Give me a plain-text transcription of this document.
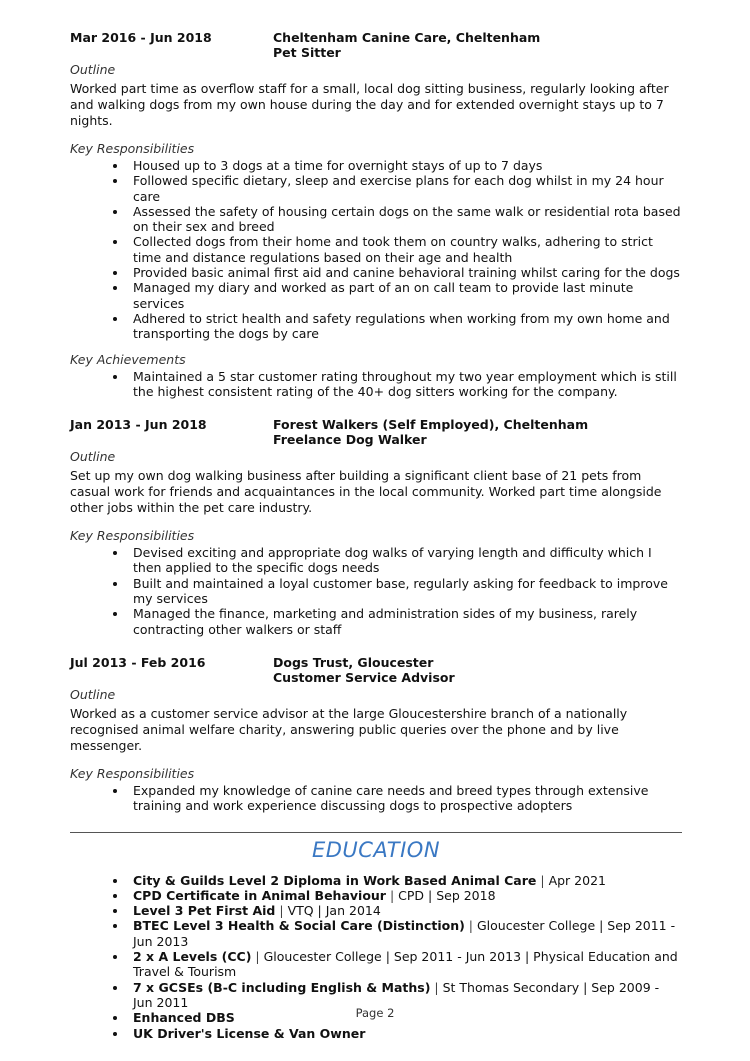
Mar 2016 - Jun 2018	Cheltenham Canine Care, Cheltenham
Pet Sitter
Outline
Worked part time as overflow staff for a small, local dog sitting business, regularly looking after and walking dogs from my own house during the day and for extended overnight stays up to 7 nights.
Key Responsibilities
Housed up to 3 dogs at a time for overnight stays of up to 7 days
Followed specific dietary, sleep and exercise plans for each dog whilst in my 24 hour care
Assessed the safety of housing certain dogs on the same walk or residential rota based on their sex and breed
Collected dogs from their home and took them on country walks, adhering to strict time and distance regulations based on their age and health
Provided basic animal first aid and canine behavioral training whilst caring for the dogs
Managed my diary and worked as part of an on call team to provide last minute services
Adhered to strict health and safety regulations when working from my own home and transporting the dogs by care
Key Achievements
Maintained a 5 star customer rating throughout my two year employment which is still the highest consistent rating of the 40+ dog sitters working for the company.
Jan 2013 - Jun 2018	Forest Walkers (Self Employed), Cheltenham
Freelance Dog Walker
Outline
Set up my own dog walking business after building a significant client base of 21 pets from casual work for friends and acquaintances in the local community. Worked part time alongside other jobs within the pet care industry.
Key Responsibilities
Devised exciting and appropriate dog walks of varying length and difficulty which I then applied to the specific dogs needs
Built and maintained a loyal customer base, regularly asking for feedback to improve my services
Managed the finance, marketing and administration sides of my business, rarely contracting other walkers or staff
Jul 2013 - Feb 2016	Dogs Trust, Gloucester
Customer Service Advisor
Outline
Worked as a customer service advisor at the large Gloucestershire branch of a nationally recognised animal welfare charity, answering public queries over the phone and by live messenger.
Key Responsibilities
Expanded my knowledge of canine care needs and breed types through extensive training and work experience discussing dogs to prospective adopters
EDUCATION
City & Guilds Level 2 Diploma in Work Based Animal Care | Apr 2021
CPD Certificate in Animal Behaviour | CPD | Sep 2018
Level 3 Pet First Aid | VTQ | Jan 2014
BTEC Level 3 Health & Social Care (Distinction) | Gloucester College | Sep 2011 - Jun 2013
2 x A Levels (CC) | Gloucester College | Sep 2011 - Jun 2013 | Physical Education and Travel & Tourism
7 x GCSEs (B-C including English & Maths) | St Thomas Secondary | Sep 2009 - Jun 2011
Enhanced DBS
UK Driver's License & Van Owner
Page 2
